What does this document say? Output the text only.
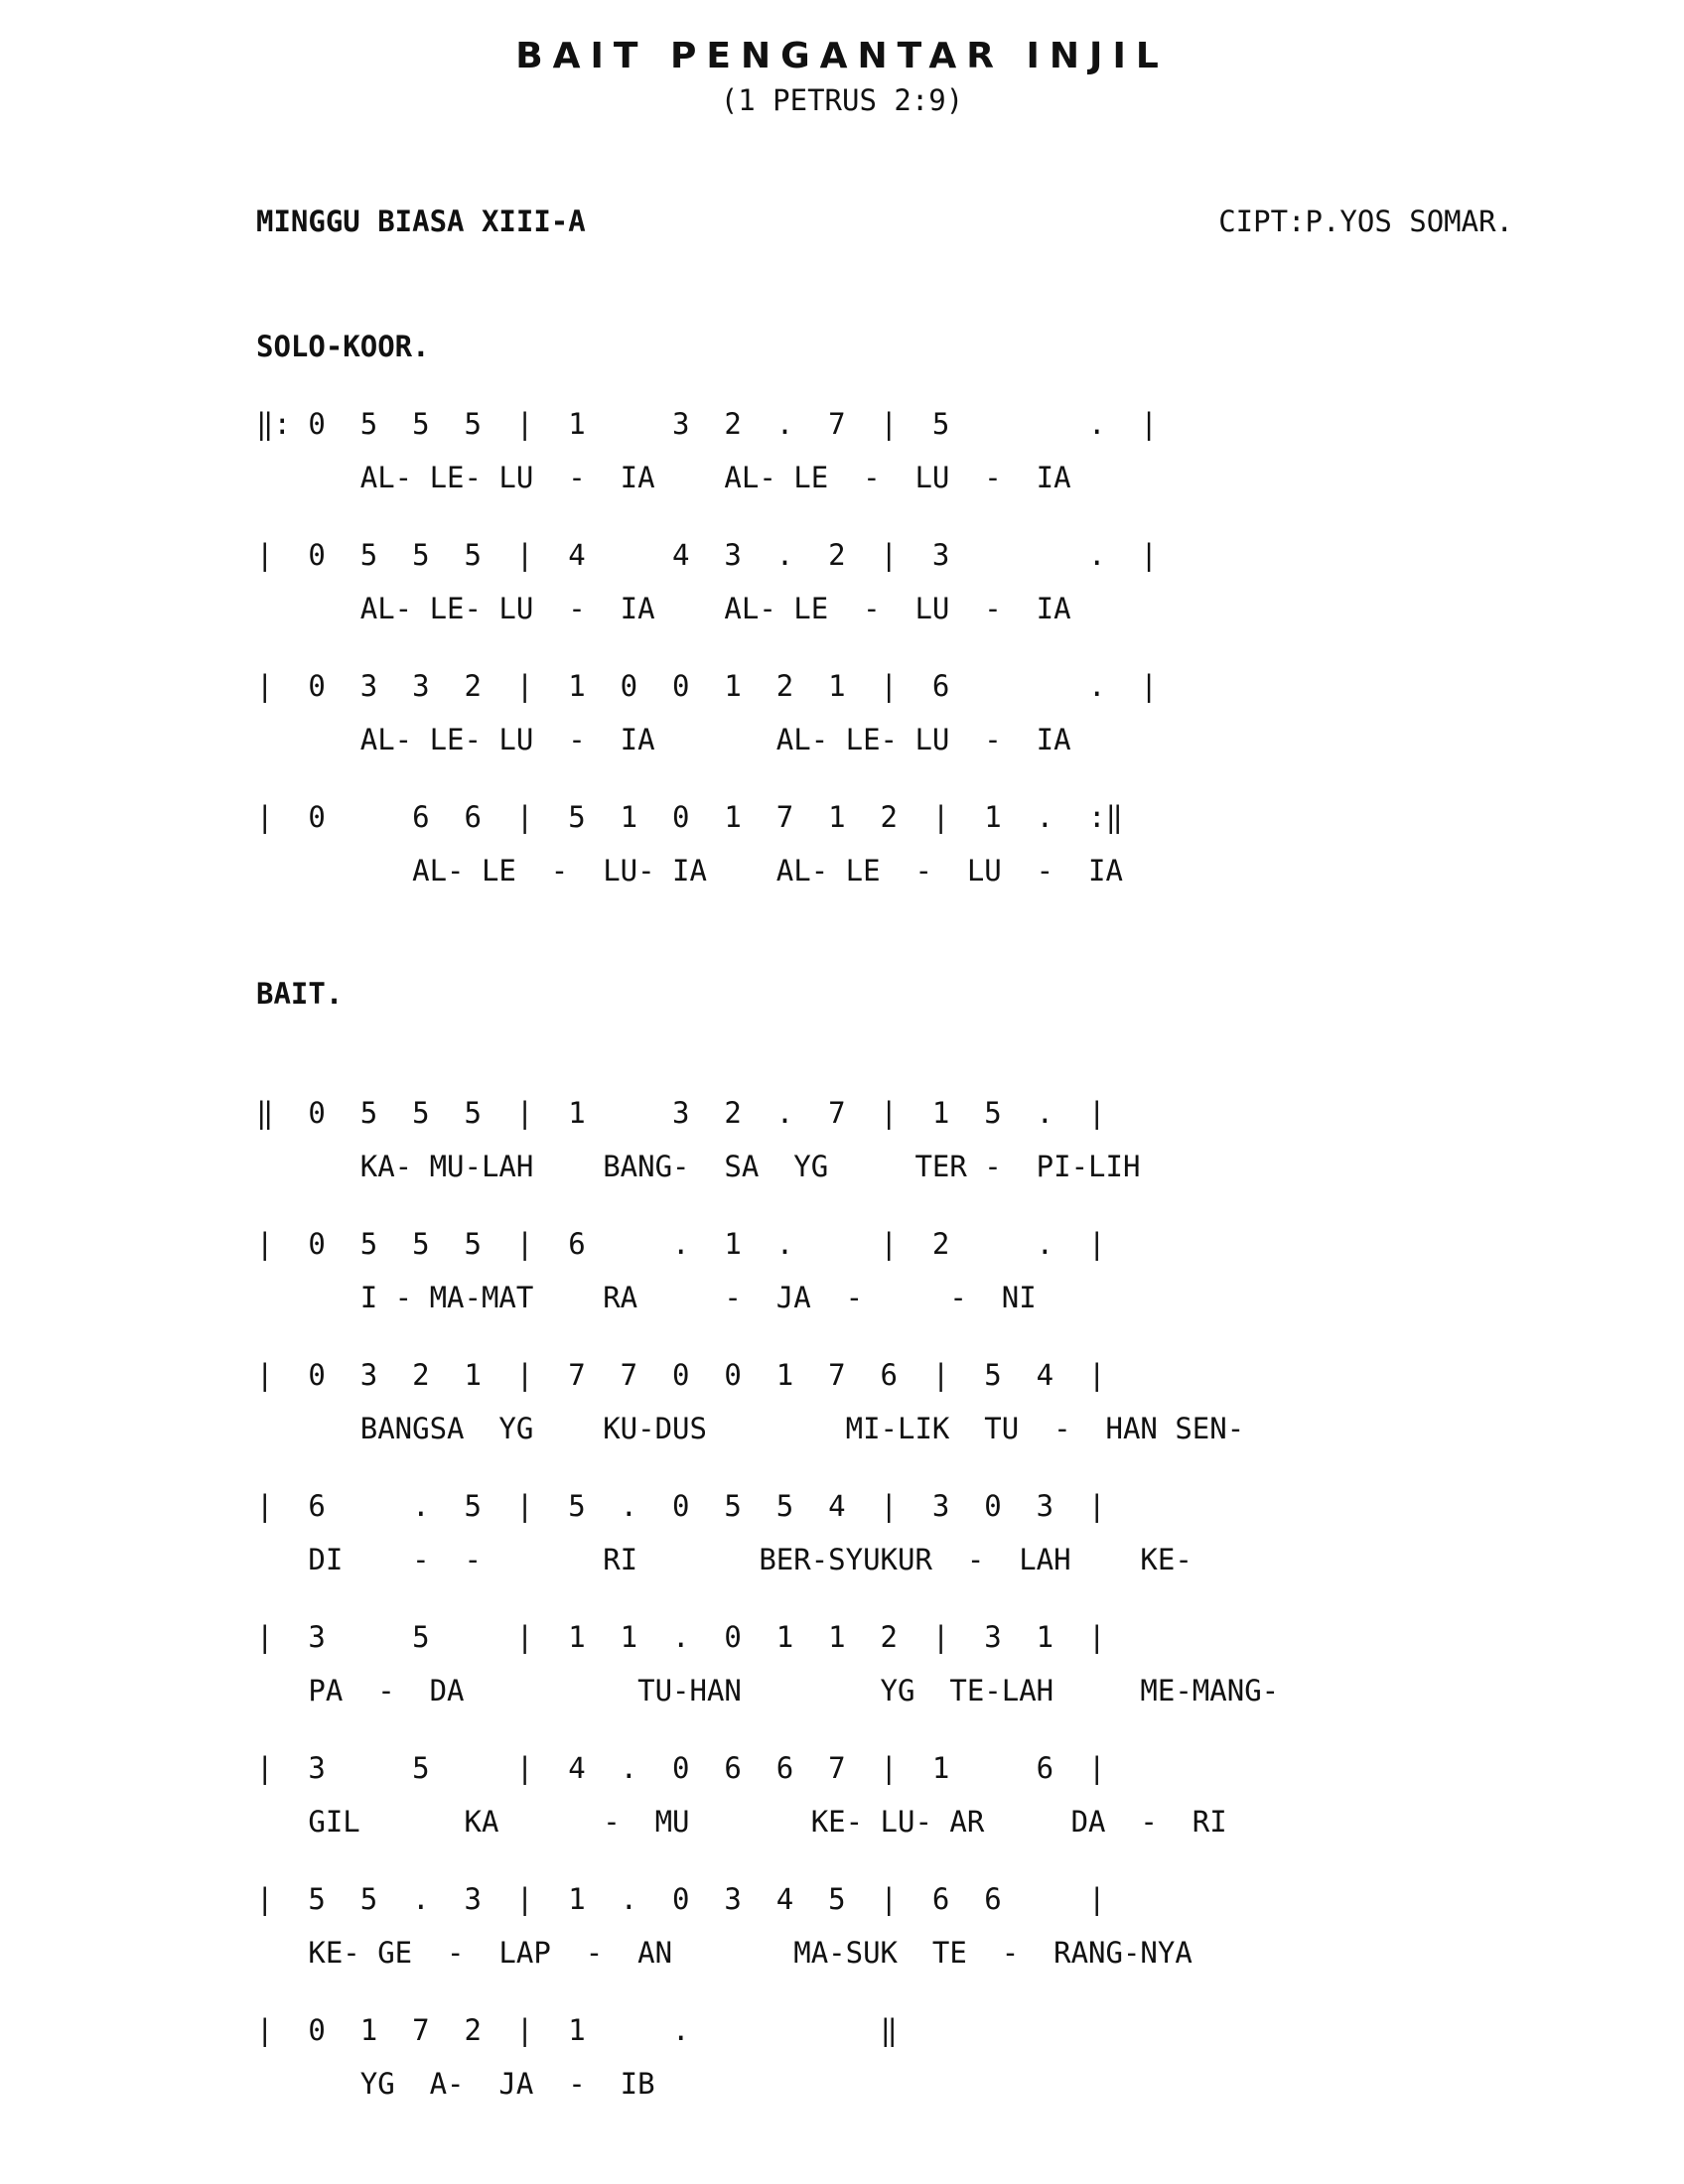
BAIT PENGANTAR INJIL
(1 PETRUS 2:9)
MINGGU BIASA XIII-A	CIPT:P.YOS SOMAR.
SOLO-KOOR.
‖: 0  5  5  5  |  1     3  2  .  7  |  5        .  |
AL- LE- LU  -  IA    AL- LE  -  LU  -  IA
|  0  5  5  5  |  4     4  3  .  2  |  3        .  |
AL- LE- LU  -  IA    AL- LE  -  LU  -  IA
|  0  3  3  2  |  1  0  0  1  2  1  |  6        .  |
AL- LE- LU  -  IA       AL- LE- LU  -  IA
|  0     6  6  |  5  1  0  1  7  1  2  |  1  .  :‖
AL- LE  -  LU- IA    AL- LE  -  LU  -  IA
BAIT.
‖  0  5  5  5  |  1     3  2  .  7  |  1  5  .  |
KA- MU-LAH    BANG-  SA  YG     TER -  PI-LIH
|  0  5  5  5  |  6     .  1  .     |  2     .  |
I - MA-MAT    RA     -  JA  -     -  NI
|  0  3  2  1  |  7  7  0  0  1  7  6  |  5  4  |
BANGSA  YG    KU-DUS        MI-LIK  TU  -  HAN SEN-
|  6     .  5  |  5  .  0  5  5  4  |  3  0  3  |
DI    -  -       RI       BER-SYUKUR  -  LAH    KE-
|  3     5     |  1  1  .  0  1  1  2  |  3  1  |
PA  -  DA          TU-HAN        YG  TE-LAH     ME-MANG-
|  3     5     |  4  .  0  6  6  7  |  1     6  |
GIL      KA      -  MU       KE- LU- AR     DA  -  RI
|  5  5  .  3  |  1  .  0  3  4  5  |  6  6     |
KE- GE  -  LAP  -  AN       MA-SUK  TE  -  RANG-NYA
|  0  1  7  2  |  1     .           ‖
YG  A-  JA  -  IB
